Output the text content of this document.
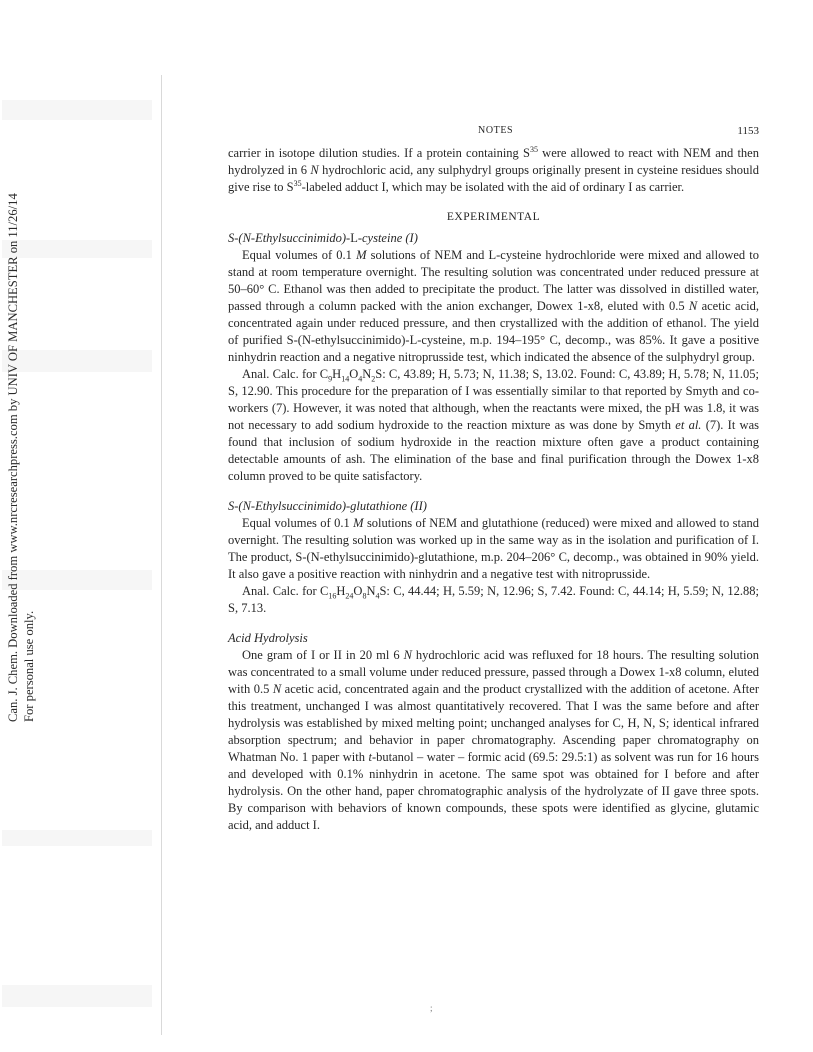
Can. J. Chem. Downloaded from www.nrcresearchpress.com by UNIV OF MANCHESTER on 11/26/14 For personal use only.
NOTES	1153

carrier in isotope dilution studies. If a protein containing $S^{35}$ were allowed to react with NEM and then hydrolyzed in 6 N hydrochloric acid, any sulphydryl groups originally present in cysteine residues should give rise to $S^{35}$-labeled adduct I, which may be isolated with the aid of ordinary I as carrier.

EXPERIMENTAL
S-(N-Ethylsuccinimido)-L-cysteine (I)

Equal volumes of 0.1 M solutions of NEM and L-cysteine hydrochloride were mixed and allowed to stand at room temperature overnight. The resulting solution was concentrated under reduced pressure at 50–60° C. Ethanol was then added to precipitate the product. The latter was dissolved in distilled water, passed through a column packed with the anion exchanger, Dowex 1-x8, eluted with 0.5 N acetic acid, concentrated again under reduced pressure, and then crystallized with the addition of ethanol. The yield of purified S-(N-ethylsuccinimido)-L-cysteine, m.p. 194–195° C, decomp., was 85%. It gave a positive ninhydrin reaction and a negative nitroprusside test, which indicated the absence of the sulphydryl group.

Anal. Calc. for $C_9H_{14}O_4N_2S$: C, 43.89; H, 5.73; N, 11.38; S, 13.02. Found: C, 43.89; H, 5.78; N, 11.05; S, 12.90. This procedure for the preparation of I was essentially similar to that reported by Smyth and co-workers (7). However, it was noted that although, when the reactants were mixed, the pH was 1.8, it was not necessary to add sodium hydroxide to the reaction mixture as was done by Smyth et al. (7). It was found that inclusion of sodium hydroxide in the reaction mixture often gave a product containing detectable amounts of ash. The elimination of the base and final purification through the Dowex 1-x8 column proved to be quite satisfactory.

S-(N-Ethylsuccinimido)-glutathione (II)

Equal volumes of 0.1 M solutions of NEM and glutathione (reduced) were mixed and allowed to stand overnight. The resulting solution was worked up in the same way as in the isolation and purification of I. The product, S-(N-ethylsuccinimido)-glutathione, m.p. 204–206° C, decomp., was obtained in 90% yield. It also gave a positive reaction with ninhydrin and a negative test with nitroprusside.

Anal. Calc. for $C_{16}H_{24}O_8N_4S$: C, 44.44; H, 5.59; N, 12.96; S, 7.42. Found: C, 44.14; H, 5.59; N, 12.88; S, 7.13.

Acid Hydrolysis

One gram of I or II in 20 ml 6 N hydrochloric acid was refluxed for 18 hours. The resulting solution was concentrated to a small volume under reduced pressure, passed through a Dowex 1-x8 column, eluted with 0.5 N acetic acid, concentrated again and the product crystallized with the addition of acetone. After this treatment, unchanged I was almost quantitatively recovered. That I was the same before and after hydrolysis was established by mixed melting point; unchanged analyses for C, H, N, S; identical infrared absorption spectrum; and behavior in paper chromatography. Ascending paper chromatography on Whatman No. 1 paper with t-butanol – water – formic acid (69.5: 29.5:1) as solvent was run for 16 hours and developed with 0.1% ninhydrin in acetone. The same spot was obtained for I before and after hydrolysis. On the other hand, paper chromatographic analysis of the hydrolyzate of II gave three spots. By comparison with behaviors of known compounds, these spots were identified as glycine, glutamic acid, and adduct I.

;
